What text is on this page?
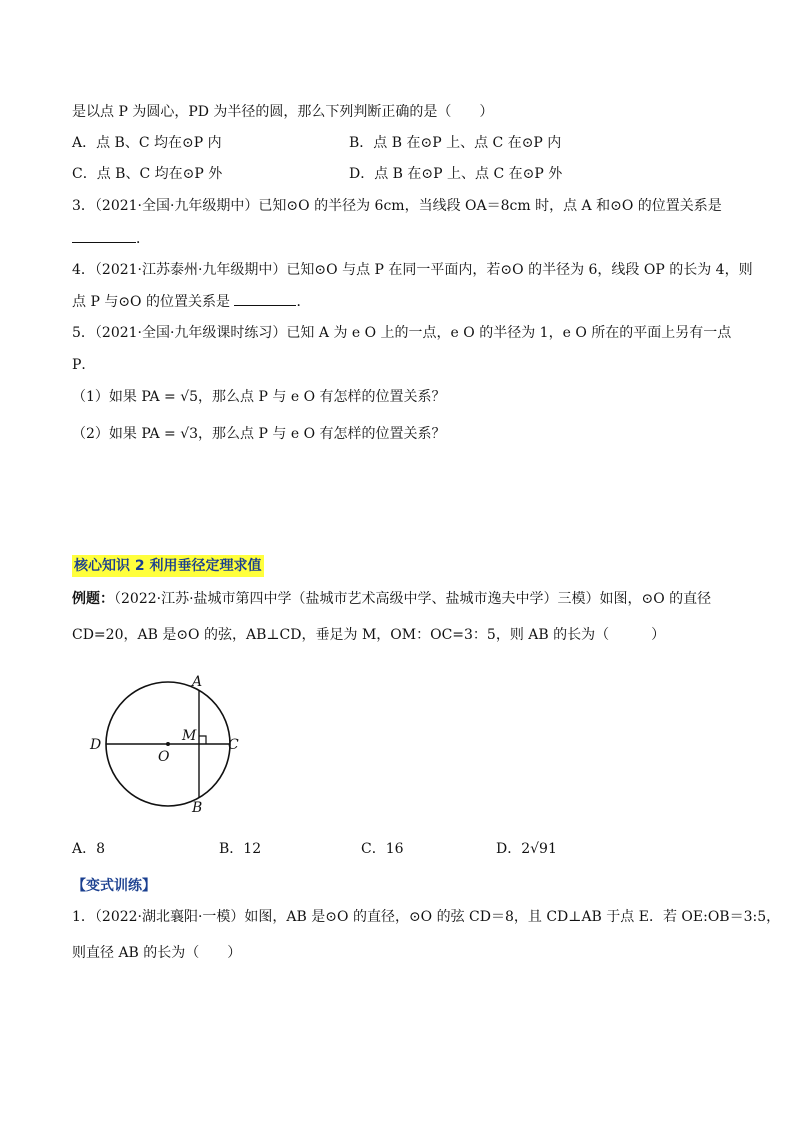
是以点 P 为圆心，PD 为半径的圆，那么下列判断正确的是（　　）
A．点 B、C 均在⊙P 内	B．点 B 在⊙P 上、点 C 在⊙P 内
C．点 B、C 均在⊙P 外	D．点 B 在⊙P 上、点 C 在⊙P 外
3．（2021·全国·九年级期中）已知⊙O 的半径为 6cm，当线段 OA＝8cm 时，点 A 和⊙O 的位置关系是
．
4．（2021·江苏泰州·九年级期中）已知⊙O 与点 P 在同一平面内，若⊙O 的半径为 6，线段 OP 的长为 4，则
点 P 与⊙O 的位置关系是	．
5．（2021·全国·九年级课时练习）已知 A 为 e O 上的一点，e O 的半径为 1，e O 所在的平面上另有一点
P．
（1）如果 PA = √5，那么点 P 与 e O 有怎样的位置关系？
（2）如果 PA = √3，那么点 P 与 e O 有怎样的位置关系？
核心知识 2 利用垂径定理求值
例题：（2022·江苏·盐城市第四中学（盐城市艺术高级中学、盐城市逸夫中学）三模）如图，⊙O 的直径
CD=20，AB 是⊙O 的弦，AB⊥CD，垂足为 M，OM：OC=3：5，则 AB 的长为（　　　）
A
B
C
D
O
M
A．8	B．12	C．16	D．2√91
【变式训练】
1．（2022·湖北襄阳·一模）如图，AB 是⊙O 的直径，⊙O 的弦 CD＝8，且 CD⊥AB 于点 E．若 OE:OB＝3:5，
则直径 AB 的长为（　　）
